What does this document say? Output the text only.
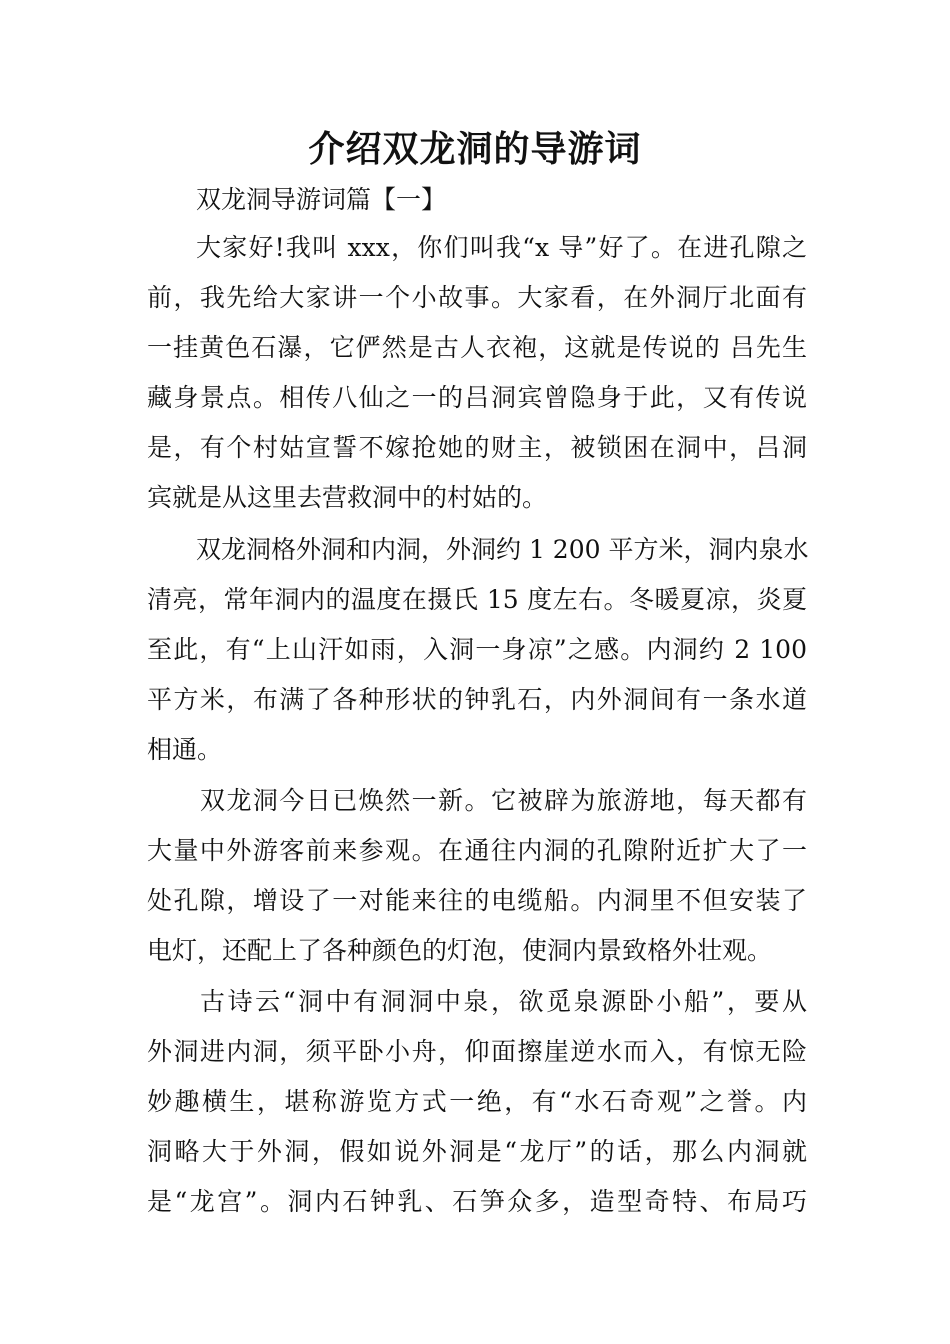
介绍双龙洞的导游词

双龙洞导游词篇【一】

大家好!我叫 xxx，你们叫我“x 导”好了。在进孔隙之

前，我先给大家讲一个小故事。大家看，在外洞厅北面有

一挂黄色石瀑，它俨然是古人衣袍，这就是传说的 吕先生

藏身景点。相传八仙之一的吕洞宾曾隐身于此，又有传说

是，有个村姑宣誓不嫁抢她的财主，被锁困在洞中，吕洞

宾就是从这里去营救洞中的村姑的。

双龙洞格外洞和内洞，外洞约 1 200 平方米，洞内泉水

清亮，常年洞内的温度在摄氏 15 度左右。冬暖夏凉，炎夏

至此，有“上山汗如雨，入洞一身凉”之感。内洞约 2 100

平方米，布满了各种形状的钟乳石，内外洞间有一条水道

相通。

双龙洞今日已焕然一新。它被辟为旅游地，每天都有

大量中外游客前来参观。在通往内洞的孔隙附近扩大了一

处孔隙，增设了一对能来往的电缆船。内洞里不但安装了

电灯，还配上了各种颜色的灯泡，使洞内景致格外壮观。

古诗云“洞中有洞洞中泉，欲觅泉源卧小船”，要从

外洞进内洞，须平卧小舟，仰面擦崖逆水而入，有惊无险

妙趣横生，堪称游览方式一绝，有“水石奇观”之誉。内

洞略大于外洞，假如说外洞是“龙厅”的话，那么内洞就

是“龙宫”。洞内石钟乳、石笋众多，造型奇特、布局巧
